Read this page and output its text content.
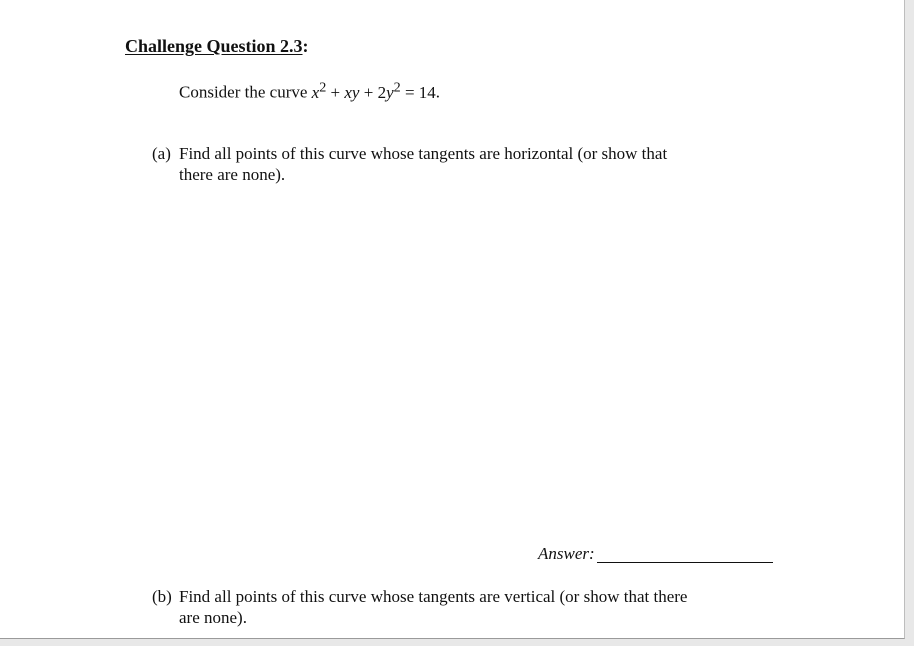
Challenge Question 2.3:
Consider the curve $x^2$ + xy + $2y^2 = 14$.
(a) Find all points of this curve whose tangents are horizontal (or show that
there are none).
Answer:
(b) Find all points of this curve whose tangents are vertical (or show that there
are none).
